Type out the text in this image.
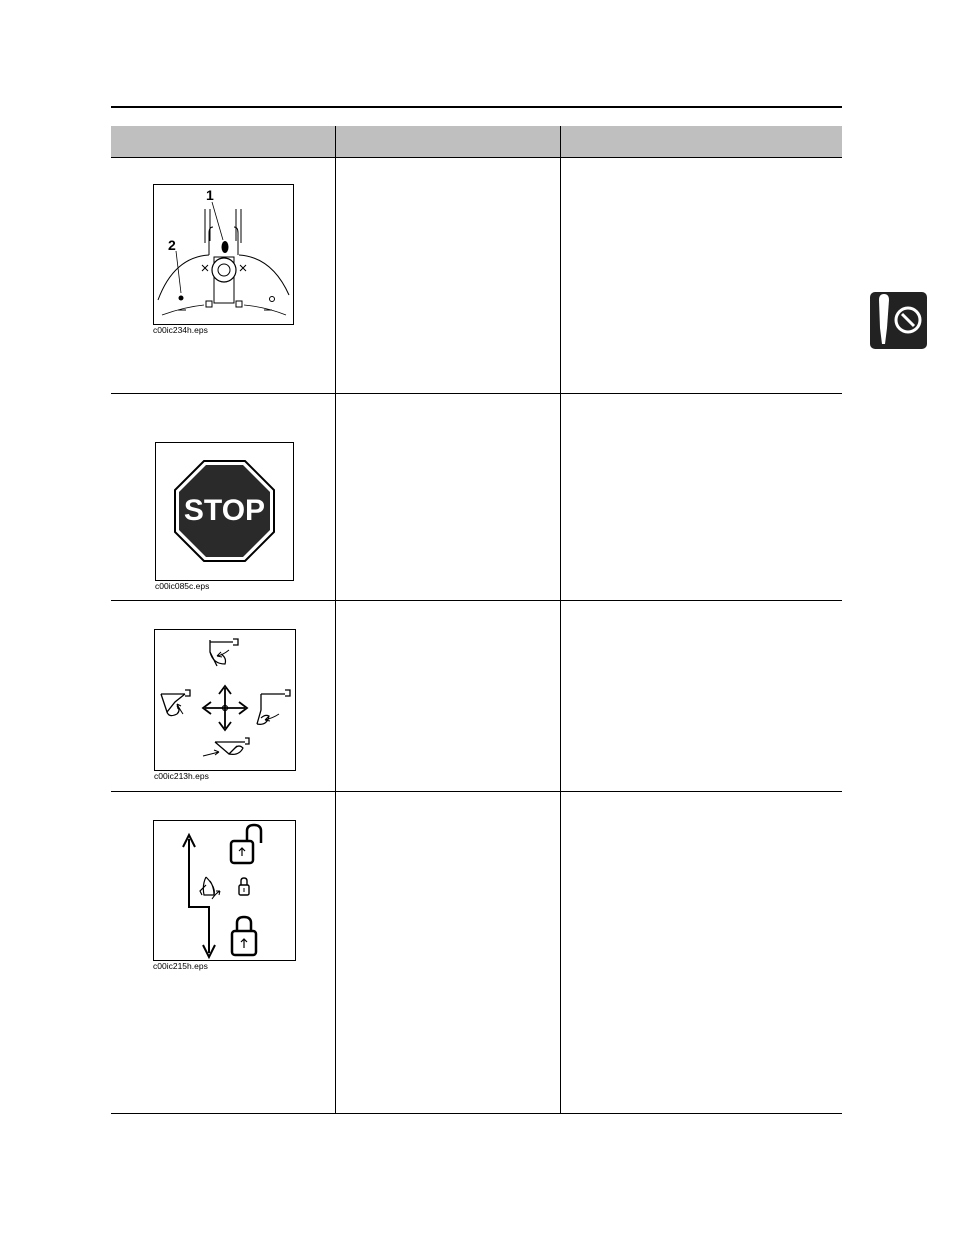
1
2
c00ic234h.eps
STOP
c00ic085c.eps
c00ic213h.eps
c00ic215h.eps
